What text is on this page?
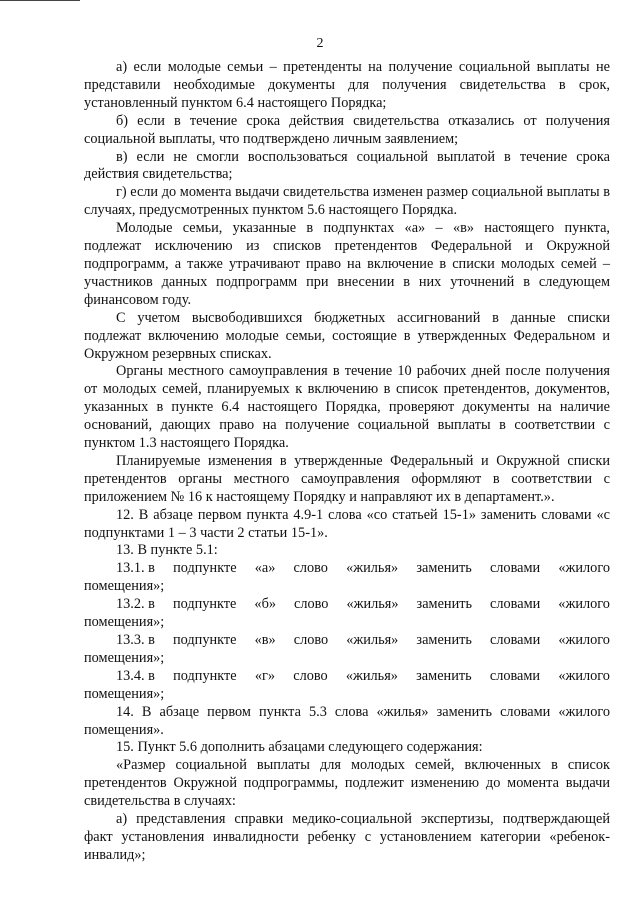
2

а) если молодые семьи – претенденты на получение социальной выплаты не представили необходимые документы для получения свидетельства в срок, установленный пунктом 6.4 настоящего Порядка;

б) если в течение срока действия свидетельства отказались от получения социальной выплаты, что подтверждено личным заявлением;

в) если не смогли воспользоваться социальной выплатой в течение срока действия свидетельства;

г) если до момента выдачи свидетельства изменен размер социальной выплаты в случаях, предусмотренных пунктом 5.6 настоящего Порядка.

Молодые семьи, указанные в подпунктах «а» – «в» настоящего пункта, подлежат исключению из списков претендентов Федеральной и Окружной подпрограмм, а также утрачивают право на включение в списки молодых семей – участников данных подпрограмм при внесении в них уточнений в следующем финансовом году.

С учетом высвободившихся бюджетных ассигнований в данные списки подлежат включению молодые семьи, состоящие в утвержденных Федеральном и Окружном резервных списках.

Органы местного самоуправления в течение 10 рабочих дней после получения от молодых семей, планируемых к включению в список претендентов, документов, указанных в пункте 6.4 настоящего Порядка, проверяют документы на наличие оснований, дающих право на получение социальной выплаты в соответствии с пунктом 1.3 настоящего Порядка.

Планируемые изменения в утвержденные Федеральный и Окружной списки претендентов органы местного самоуправления оформляют в соответствии с приложением № 16 к настоящему Порядку и направляют их в департамент.».

12. В абзаце первом пункта 4.9-1 слова «со статьей 15-1» заменить словами «с подпунктами 1 – 3 части 2 статьи 15-1».

13. В пункте 5.1:

13.1. в подпункте «а» слово «жилья» заменить словами «жилого

помещения»;

13.2. в подпункте «б» слово «жилья» заменить словами «жилого

помещения»;

13.3. в подпункте «в» слово «жилья» заменить словами «жилого

помещения»;

13.4. в подпункте «г» слово «жилья» заменить словами «жилого

помещения»;

14. В абзаце первом пункта 5.3 слова «жилья» заменить словами «жилого помещения».

15. Пункт 5.6 дополнить абзацами следующего содержания:

«Размер социальной выплаты для молодых семей, включенных в список претендентов Окружной подпрограммы, подлежит изменению до момента выдачи свидетельства в случаях:

а) представления справки медико-социальной экспертизы, подтверждающей факт установления инвалидности ребенку с установлением категории «ребенок-инвалид»;
